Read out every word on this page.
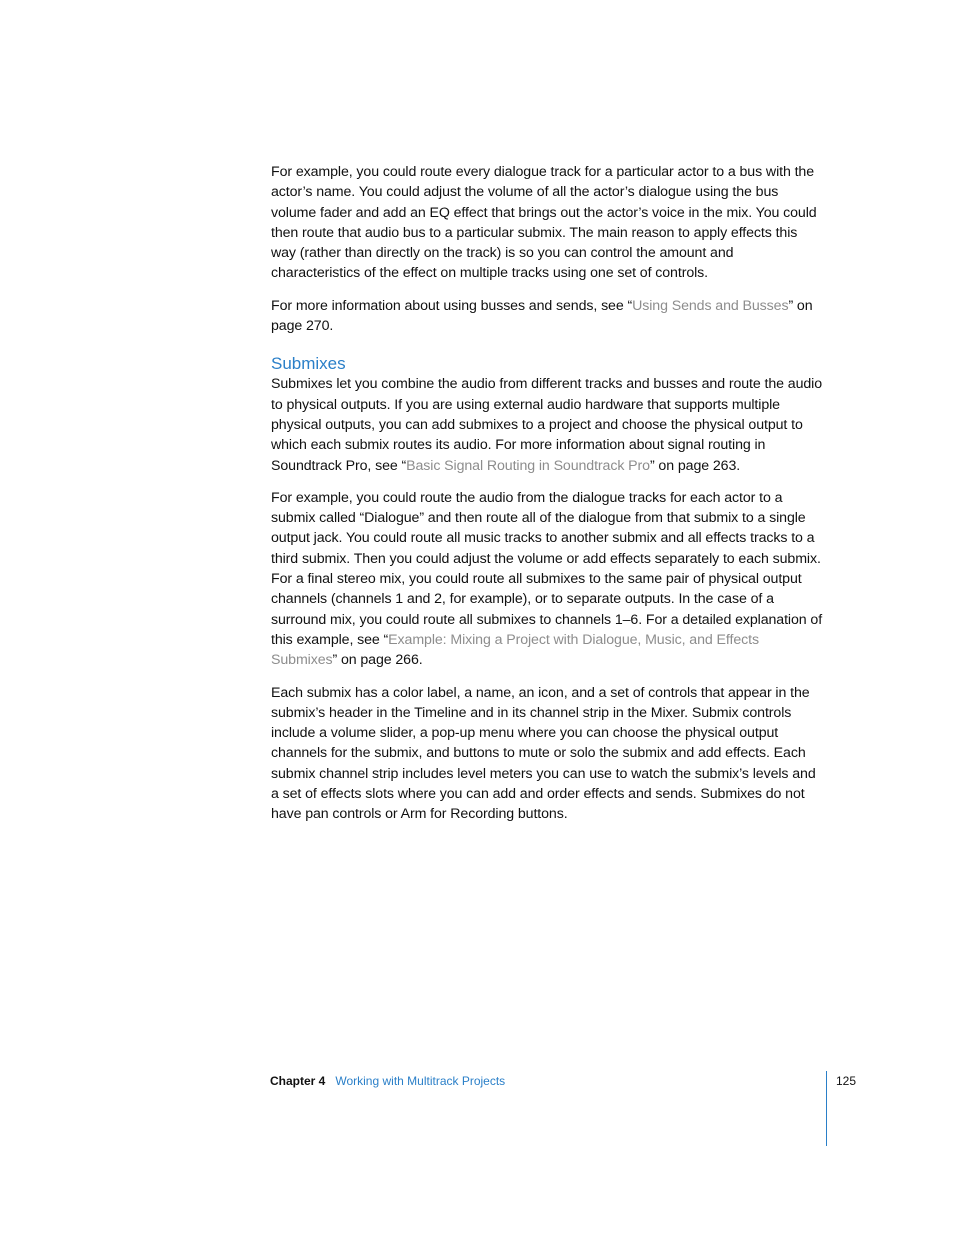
For example, you could route every dialogue track for a particular actor to a bus with the actor’s name. You could adjust the volume of all the actor’s dialogue using the bus volume fader and add an EQ effect that brings out the actor’s voice in the mix. You could then route that audio bus to a particular submix. The main reason to apply effects this way (rather than directly on the track) is so you can control the amount and characteristics of the effect on multiple tracks using one set of controls.

For more information about using busses and sends, see “Using Sends and Busses” on page 270.

Submixes

Submixes let you combine the audio from different tracks and busses and route the audio to physical outputs. If you are using external audio hardware that supports multiple physical outputs, you can add submixes to a project and choose the physical output to which each submix routes its audio. For more information about signal routing in Soundtrack Pro, see “Basic Signal Routing in Soundtrack Pro” on page 263.

For example, you could route the audio from the dialogue tracks for each actor to a submix called “Dialogue” and then route all of the dialogue from that submix to a single output jack. You could route all music tracks to another submix and all effects tracks to a third submix. Then you could adjust the volume or add effects separately to each submix. For a final stereo mix, you could route all submixes to the same pair of physical output channels (channels 1 and 2, for example), or to separate outputs. In the case of a surround mix, you could route all submixes to channels 1–6. For a detailed explanation of this example, see “Example: Mixing a Project with Dialogue, Music, and Effects Submixes” on page 266.

Each submix has a color label, a name, an icon, and a set of controls that appear in the submix’s header in the Timeline and in its channel strip in the Mixer. Submix controls include a volume slider, a pop-up menu where you can choose the physical output channels for the submix, and buttons to mute or solo the submix and add effects. Each submix channel strip includes level meters you can use to watch the submix’s levels and a set of effects slots where you can add and order effects and sends. Submixes do not have pan controls or Arm for Recording buttons.

Chapter 4 Working with Multitrack Projects	125
